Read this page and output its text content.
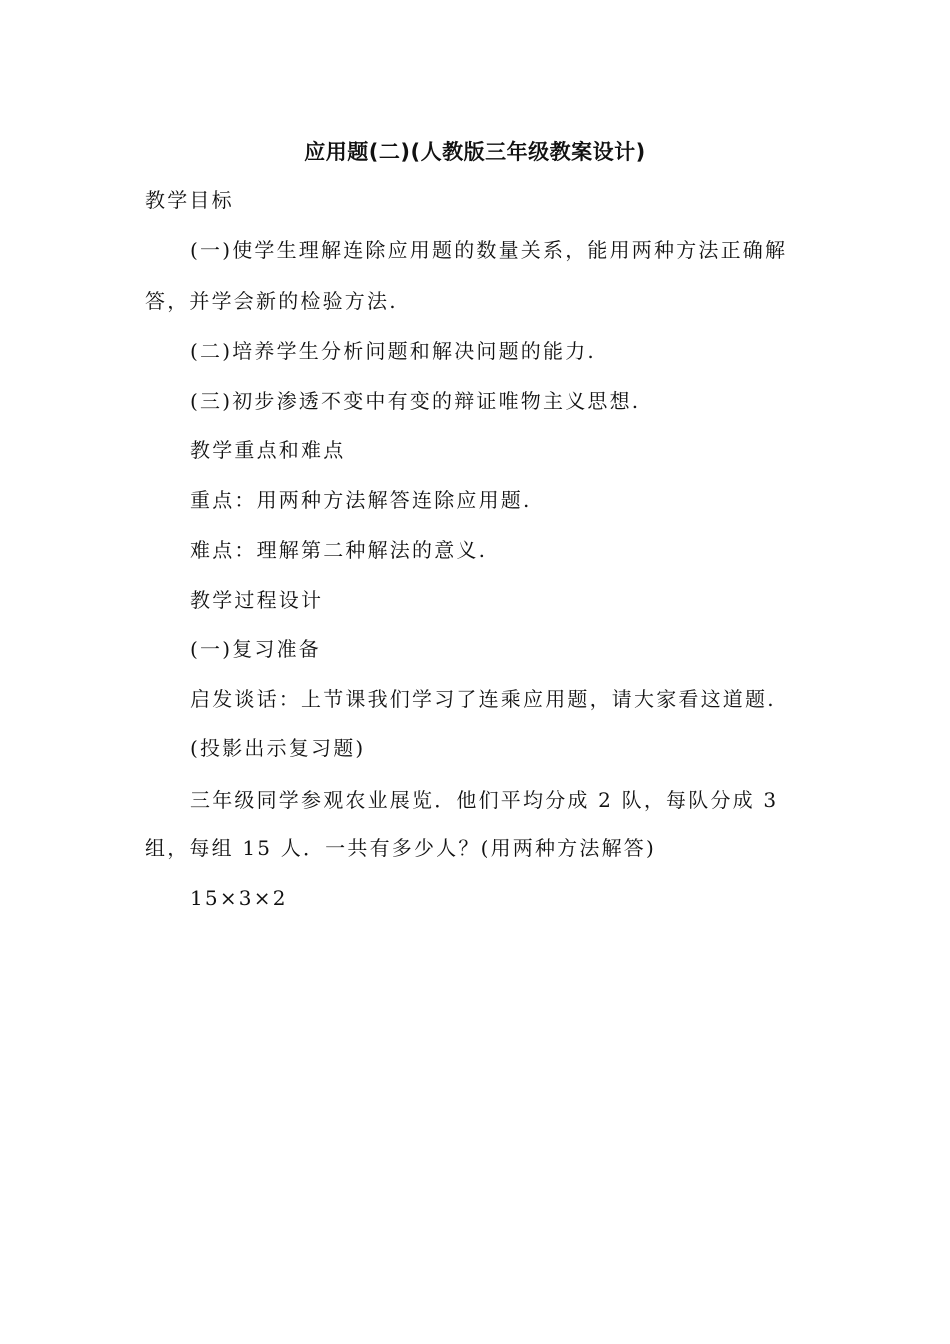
应用题(二)(人教版三年级教案设计)
教学目标
(一)使学生理解连除应用题的数量关系，能用两种方法正确解
答，并学会新的检验方法.
(二)培养学生分析问题和解决问题的能力.
(三)初步渗透不变中有变的辩证唯物主义思想.
教学重点和难点
重点：用两种方法解答连除应用题.
难点：理解第二种解法的意义.
教学过程设计
(一)复习准备
启发谈话：上节课我们学习了连乘应用题，请大家看这道题.
(投影出示复习题)
三年级同学参观农业展览．他们平均分成 2 队，每队分成 3
组，每组 15 人．一共有多少人？(用两种方法解答)
15×3×2
